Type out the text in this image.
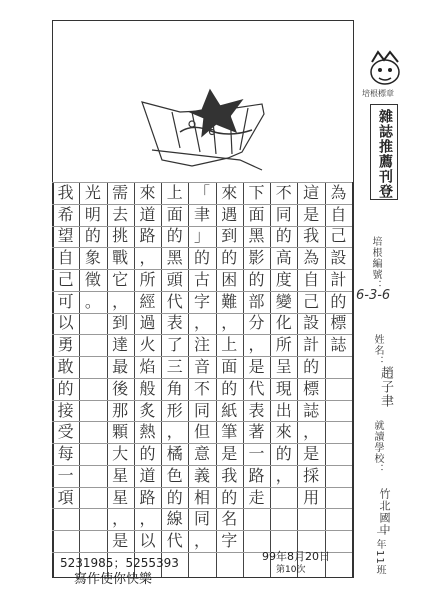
培根標章
雜誌推薦刊登
培根編號：
6-3-6
姓名：
趙子聿
就讀學校：
竹北國中
一年11班
為
自
己
設
計
的
標
誌
這
是
我
為
自
己
設
計
的
標
誌
，
是
採
用
不
同
的
高
度
變
化
所
呈
現
出
來
的
，
下
面
黑
影
的
部
分
，
是
代
表
著
一
路
走
來
遇
到
的
困
難
，
上
面
的
紙
筆
是
我
的
名
字
「
聿
」
的
古
字
，
注
音
不
同
但
意
義
相
同
，
上
面
的
黑
頭
代
表
了
三
角
形
，
橘
色
的
線
代
來
道
路
，
所
經
過
火
焰
般
炙
熱
的
道
路
，
以
需
去
挑
戰
它
，
到
達
最
後
那
顆
大
星
星
，
是
光
明
的
象
徵
。
我
希
望
自
己
可
以
勇
敢
的
接
受
每
一
項
99年8月20日
第10次
5231985；5255393
寫作使你快樂
